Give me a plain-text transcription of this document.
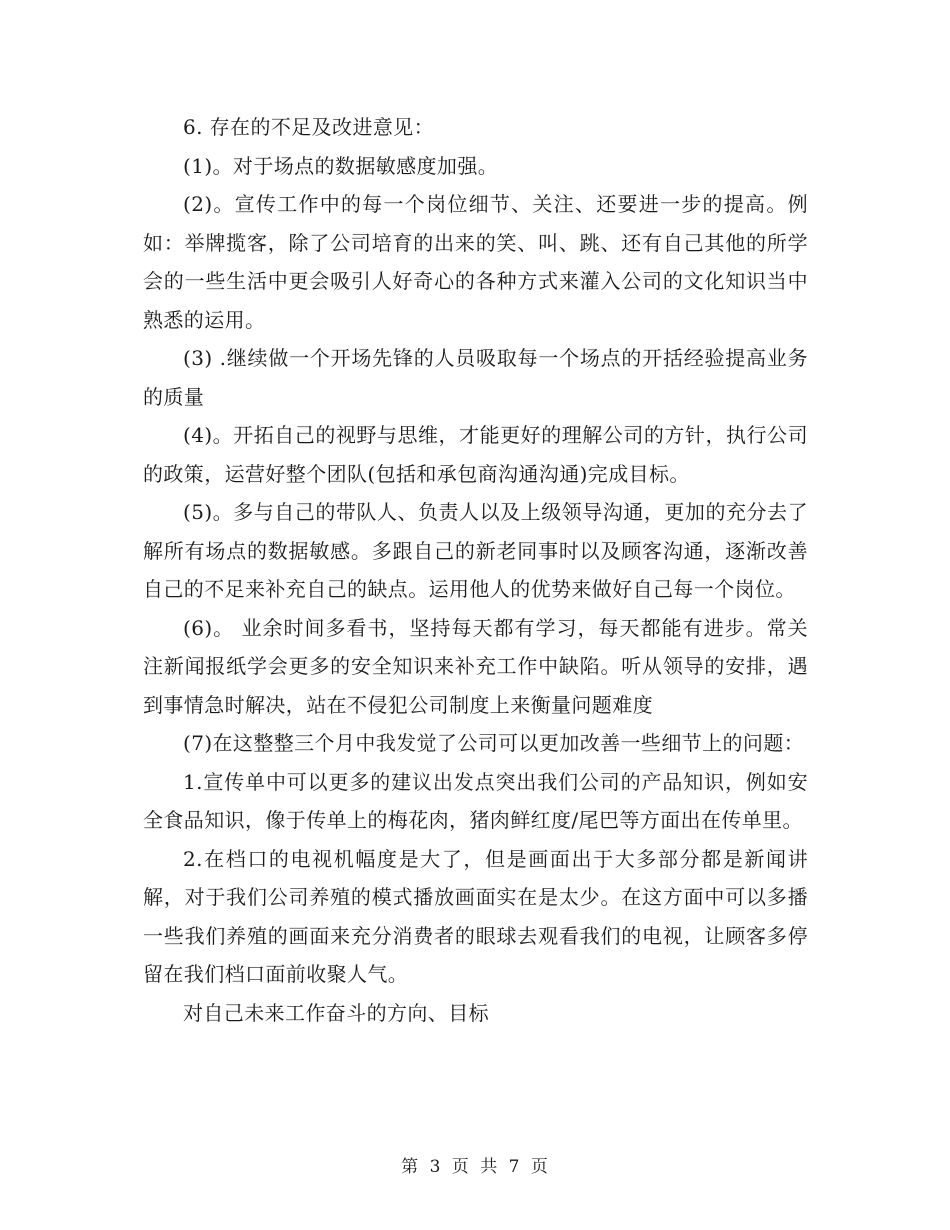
6. 存在的不足及改进意见：

(1)。对于场点的数据敏感度加强。

(2)。宣传工作中的每一个岗位细节、关注、还要进一步的提高。例如：举牌揽客，除了公司培育的出来的笑、叫、跳、还有自己其他的所学会的一些生活中更会吸引人好奇心的各种方式来灌入公司的文化知识当中熟悉的运用。

(3) .继续做一个开场先锋的人员吸取每一个场点的开括经验提高业务的质量

(4)。开拓自己的视野与思维，才能更好的理解公司的方针，执行公司的政策，运营好整个团队(包括和承包商沟通沟通)完成目标。

(5)。多与自己的带队人、负责人以及上级领导沟通，更加的充分去了解所有场点的数据敏感。多跟自己的新老同事时以及顾客沟通，逐渐改善自己的不足来补充自己的缺点。运用他人的优势来做好自己每一个岗位。

(6)。 业余时间多看书，坚持每天都有学习，每天都能有进步。常关注新闻报纸学会更多的安全知识来补充工作中缺陷。听从领导的安排，遇到事情急时解决，站在不侵犯公司制度上来衡量问题难度

(7)在这整整三个月中我发觉了公司可以更加改善一些细节上的问题：

1.宣传单中可以更多的建议出发点突出我们公司的产品知识，例如安全食品知识，像于传单上的梅花肉，猪肉鲜红度/尾巴等方面出在传单里。

2.在档口的电视机幅度是大了，但是画面出于大多部分都是新闻讲解，对于我们公司养殖的模式播放画面实在是太少。在这方面中可以多播一些我们养殖的画面来充分消费者的眼球去观看我们的电视，让顾客多停留在我们档口面前收聚人气。

对自己未来工作奋斗的方向、目标

第 3 页 共 7 页
